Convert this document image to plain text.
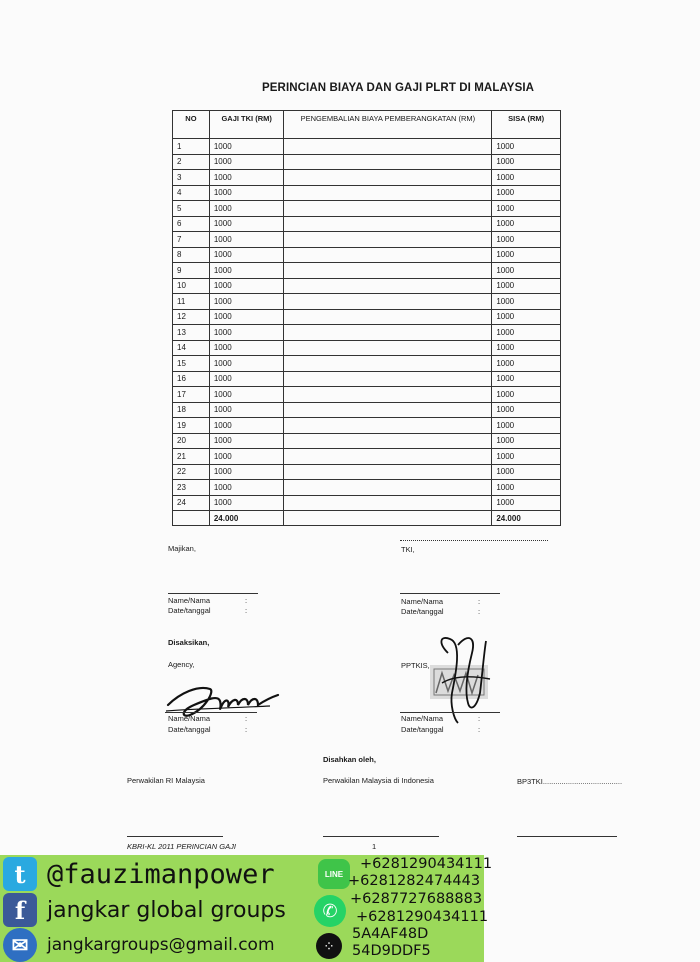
PERINCIAN BIAYA DAN GAJI PLRT DI MALAYSIA
NO	GAJI TKI (RM)	PENGEMBALIAN BIAYA PEMBERANGKATAN (RM)	SISA (RM)
1	1000		1000
2	1000		1000
3	1000		1000
4	1000		1000
5	1000		1000
6	1000		1000
7	1000		1000
8	1000		1000
9	1000		1000
10	1000		1000
11	1000		1000
12	1000		1000
13	1000		1000
14	1000		1000
15	1000		1000
16	1000		1000
17	1000		1000
18	1000		1000
19	1000		1000
20	1000		1000
21	1000		1000
22	1000		1000
23	1000		1000
24	1000		1000
	24.000		24.000
Majikan,	TKI,
Name/Nama	:
Date/tanggal	:
Name/Nama	:
Date/tanggal	:
Disaksikan,
Agency,	PPTKIS,
Name/Nama	:
Date/tanggal	:
Name/Nama	:
Date/tanggal	:
Disahkan oleh,
Perwakilan RI Malaysia	Perwakilan Malaysia di Indonesia	BP3TKI......................................
KBRI-KL 2011 PERINCIAN GAJI	1
t @fauzimanpower
f jangkar global groups
✉	jangkargroups@gmail.com
LINE
+6281290434111
+6281282474443
✆
+6287727688883
+6281290434111
⁘
5A4AF48D
54D9DDF5
